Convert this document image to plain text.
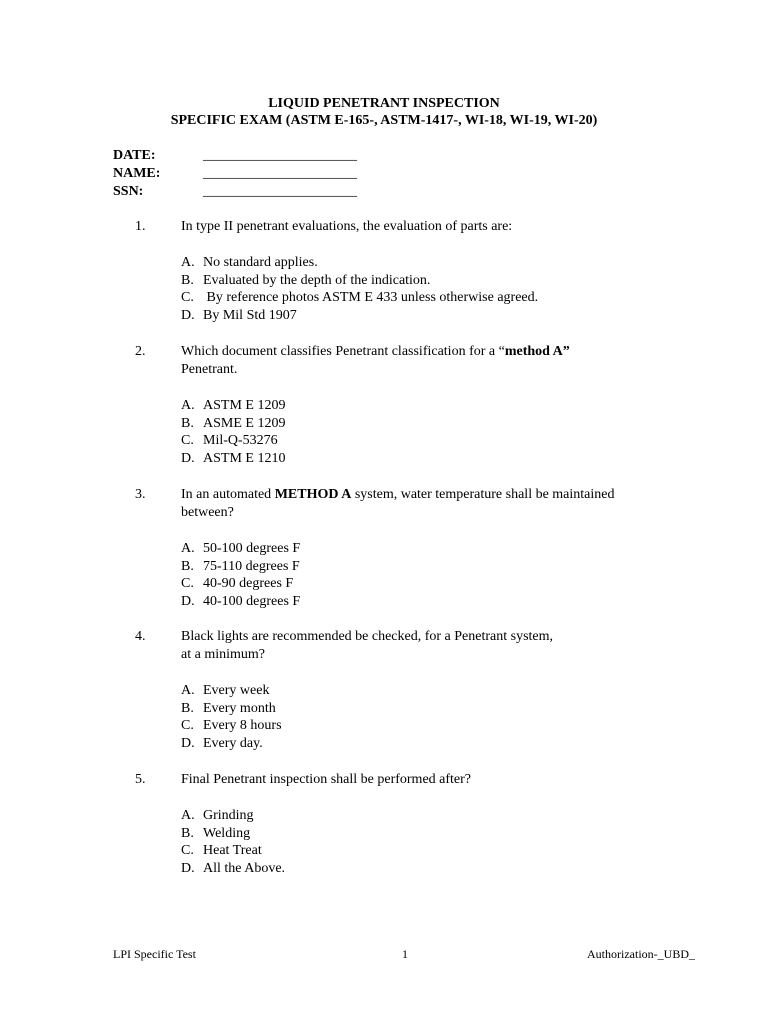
LIQUID PENETRANT INSPECTION
SPECIFIC EXAM (ASTM E-165-, ASTM-1417-, WI-18, WI-19, WI-20)
DATE:	______________________
NAME:	______________________
SSN:	______________________
1.	In type II penetrant evaluations, the evaluation of parts are:
A. No standard applies.
B. Evaluated by the depth of the indication.
C. By reference photos ASTM E 433 unless otherwise agreed.
D. By Mil Std 1907
2.	Which document classifies Penetrant classification for a “method A”
Penetrant.
A. ASTM E 1209
B. ASME E 1209
C. Mil-Q-53276
D. ASTM E 1210
3.	In an automated METHOD A system, water temperature shall be maintained between?
A. 50-100 degrees F
B. 75-110 degrees F
C. 40-90 degrees F
D. 40-100 degrees F
4.	Black lights are recommended be checked, for a Penetrant system,
at a minimum?
A. Every week
B. Every month
C. Every 8 hours
D. Every day.
5.	Final Penetrant inspection shall be performed after?
A. Grinding
B. Welding
C. Heat Treat
D. All the Above.
LPI Specific Test	1	Authorization-_UBD_
